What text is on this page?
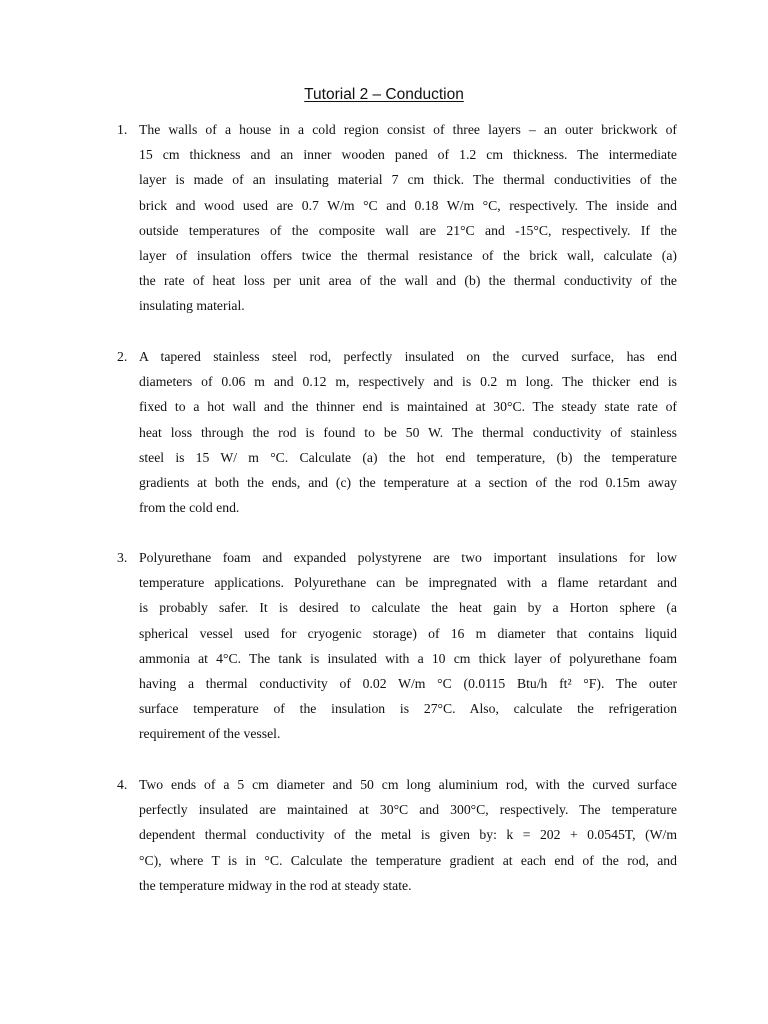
Tutorial 2 – Conduction
1. The walls of a house in a cold region consist of three layers – an outer brickwork of
15 cm thickness and an inner wooden paned of 1.2 cm thickness. The intermediate
layer is made of an insulating material 7 cm thick. The thermal conductivities of the
brick and wood used are 0.7 W/m °C and 0.18 W/m °C, respectively. The inside and
outside temperatures of the composite wall are 21°C and -15°C, respectively. If the
layer of insulation offers twice the thermal resistance of the brick wall, calculate (a)
the rate of heat loss per unit area of the wall and (b) the thermal conductivity of the
insulating material.
2. A tapered stainless steel rod, perfectly insulated on the curved surface, has end
diameters of 0.06 m and 0.12 m, respectively and is 0.2 m long. The thicker end is
fixed to a hot wall and the thinner end is maintained at 30°C. The steady state rate of
heat loss through the rod is found to be 50 W. The thermal conductivity of stainless
steel is 15 W/ m °C. Calculate (a) the hot end temperature, (b) the temperature
gradients at both the ends, and (c) the temperature at a section of the rod 0.15m away
from the cold end.
3. Polyurethane foam and expanded polystyrene are two important insulations for low
temperature applications. Polyurethane can be impregnated with a flame retardant and
is probably safer. It is desired to calculate the heat gain by a Horton sphere (a
spherical vessel used for cryogenic storage) of 16 m diameter that contains liquid
ammonia at 4°C. The tank is insulated with a 10 cm thick layer of polyurethane foam
having a thermal conductivity of 0.02 W/m °C (0.0115 Btu/h ft² °F). The outer
surface temperature of the insulation is 27°C. Also, calculate the refrigeration
requirement of the vessel.
4. Two ends of a 5 cm diameter and 50 cm long aluminium rod, with the curved surface
perfectly insulated are maintained at 30°C and 300°C, respectively. The temperature
dependent thermal conductivity of the metal is given by: k = 202 + 0.0545T, (W/m
°C), where T is in °C. Calculate the temperature gradient at each end of the rod, and
the temperature midway in the rod at steady state.
